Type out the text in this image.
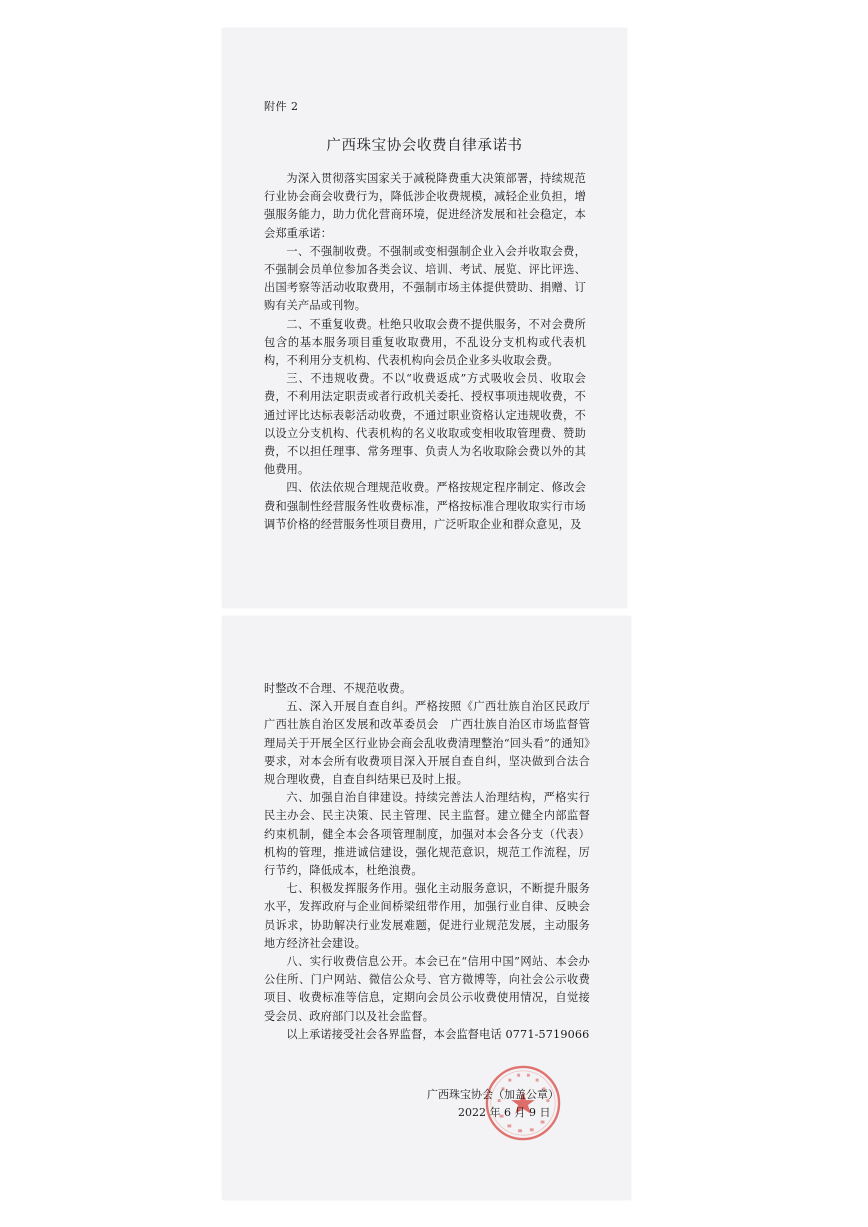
附件 2
广西珠宝协会收费自律承诺书

为深入贯彻落实国家关于减税降费重大决策部署，持续规范行业协会商会收费行为，降低涉企收费规模，减轻企业负担，增强服务能力，助力优化营商环境，促进经济发展和社会稳定，本会郑重承诺：

一、不强制收费。不强制或变相强制企业入会并收取会费，不强制会员单位参加各类会议、培训、考试、展览、评比评选、出国考察等活动收取费用，不强制市场主体提供赞助、捐赠、订购有关产品或刊物。

二、不重复收费。杜绝只收取会费不提供服务，不对会费所包含的基本服务项目重复收取费用，不乱设分支机构或代表机构，不利用分支机构、代表机构向会员企业多头收取会费。

三、不违规收费。不以“收费返成”方式吸收会员、收取会费，不利用法定职责或者行政机关委托、授权事项违规收费，不通过评比达标表彰活动收费，不通过职业资格认定违规收费，不以设立分支机构、代表机构的名义收取或变相收取管理费、赞助费，不以担任理事、常务理事、负责人为名收取除会费以外的其他费用。

四、依法依规合理规范收费。严格按规定程序制定、修改会费和强制性经营服务性收费标准，严格按标准合理收取实行市场调节价格的经营服务性项目费用，广泛听取企业和群众意见，及

时整改不合理、不规范收费。

五、深入开展自查自纠。严格按照《广西壮族自治区民政厅 广西壮族自治区发展和改革委员会　广西壮族自治区市场监督管理局关于开展全区行业协会商会乱收费清理整治“回头看”的通知》要求，对本会所有收费项目深入开展自查自纠，坚决做到合法合规合理收费，自查自纠结果已及时上报。

六、加强自治自律建设。持续完善法人治理结构，严格实行民主办会、民主决策、民主管理、民主监督。建立健全内部监督约束机制，健全本会各项管理制度，加强对本会各分支（代表）机构的管理，推进诚信建设，强化规范意识，规范工作流程，厉行节约，降低成本，杜绝浪费。

七、积极发挥服务作用。强化主动服务意识，不断提升服务水平，发挥政府与企业间桥梁纽带作用，加强行业自律、反映会员诉求，协助解决行业发展难题，促进行业规范发展，主动服务地方经济社会建设。

八、实行收费信息公开。本会已在“信用中国”网站、本会办公住所、门户网站、微信公众号、官方微博等，向社会公示收费项目、收费标准等信息，定期向会员公示收费使用情况，自觉接受会员、政府部门以及社会监督。

以上承诺接受社会各界监督，本会监督电话 0771-5719066

广西珠宝协会（加盖公章）
2022 年 6 月 9 日
